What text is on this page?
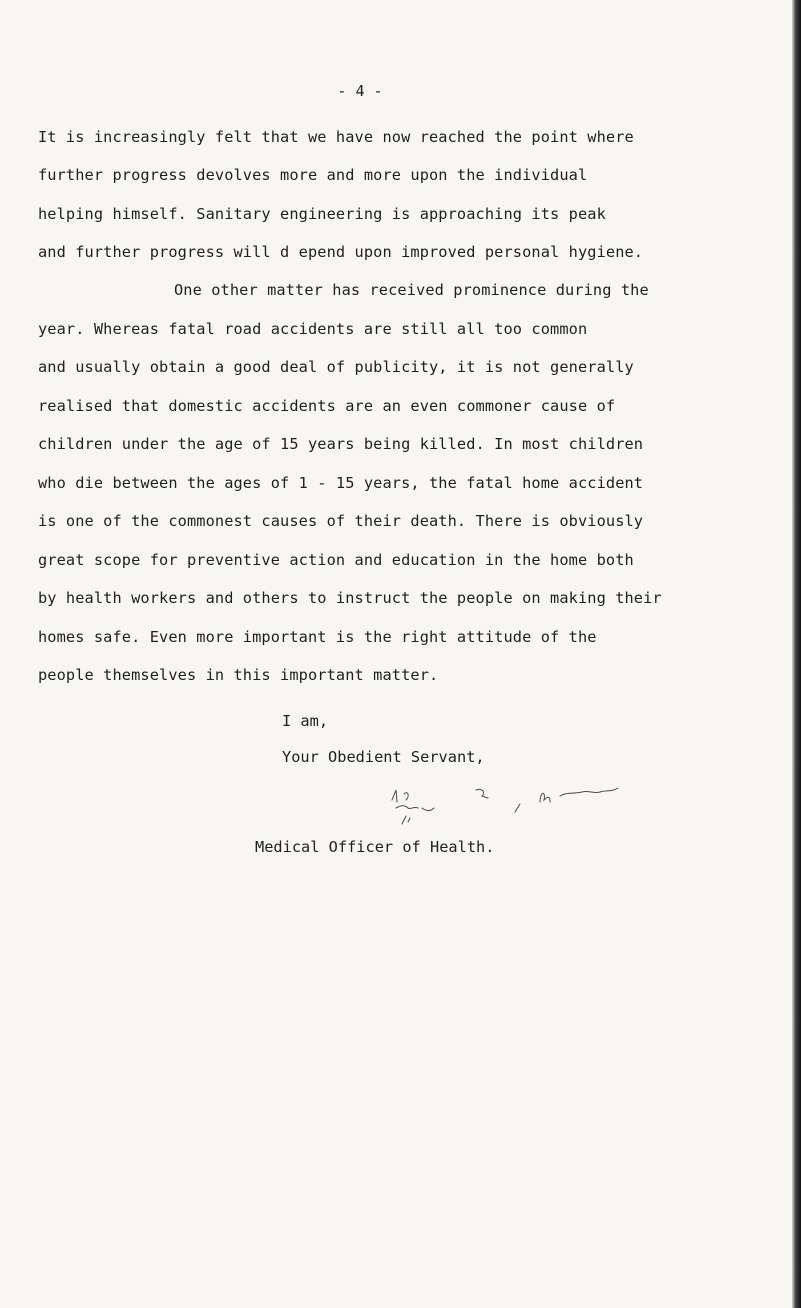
- 4 -
It is increasingly felt that we have now reached the point where
further progress devolves more and more upon the individual
helping himself. Sanitary engineering is approaching its peak
and further progress will d epend upon improved personal hygiene.
One other matter has received prominence during the
year. Whereas fatal road accidents are still all too common
and usually obtain a good deal of publicity, it is not generally
realised that domestic accidents are an even commoner cause of
children under the age of 15 years being killed. In most children
who die between the ages of 1 - 15 years, the fatal home accident
is one of the commonest causes of their death. There is obviously
great scope for preventive action and education in the home both
by health workers and others to instruct the people on making their
homes safe. Even more important is the right attitude of the
people themselves in this important matter.
I am,
Your Obedient Servant,
Medical Officer of Health.
